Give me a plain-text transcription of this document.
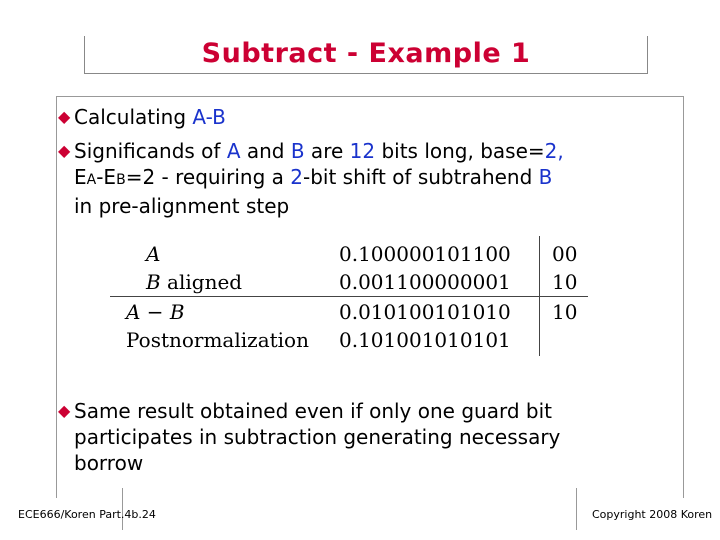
Subtract - Example 1
◆ Calculating A-B
◆ Significands of A and B are 12 bits long, base=2,
EA-EB=2 - requiring a 2-bit shift of subtrahend B
in pre-alignment step
◆ Same result obtained even if only one guard bit
participates in subtraction generating necessary
borrow
A	0.100000101100 00
B aligned	0.001100000001 10
A − B	0.010100101010 10
Postnormalization 0.101001010101
ECE666/Koren Part.4b.24	Copyright 2008 Koren
